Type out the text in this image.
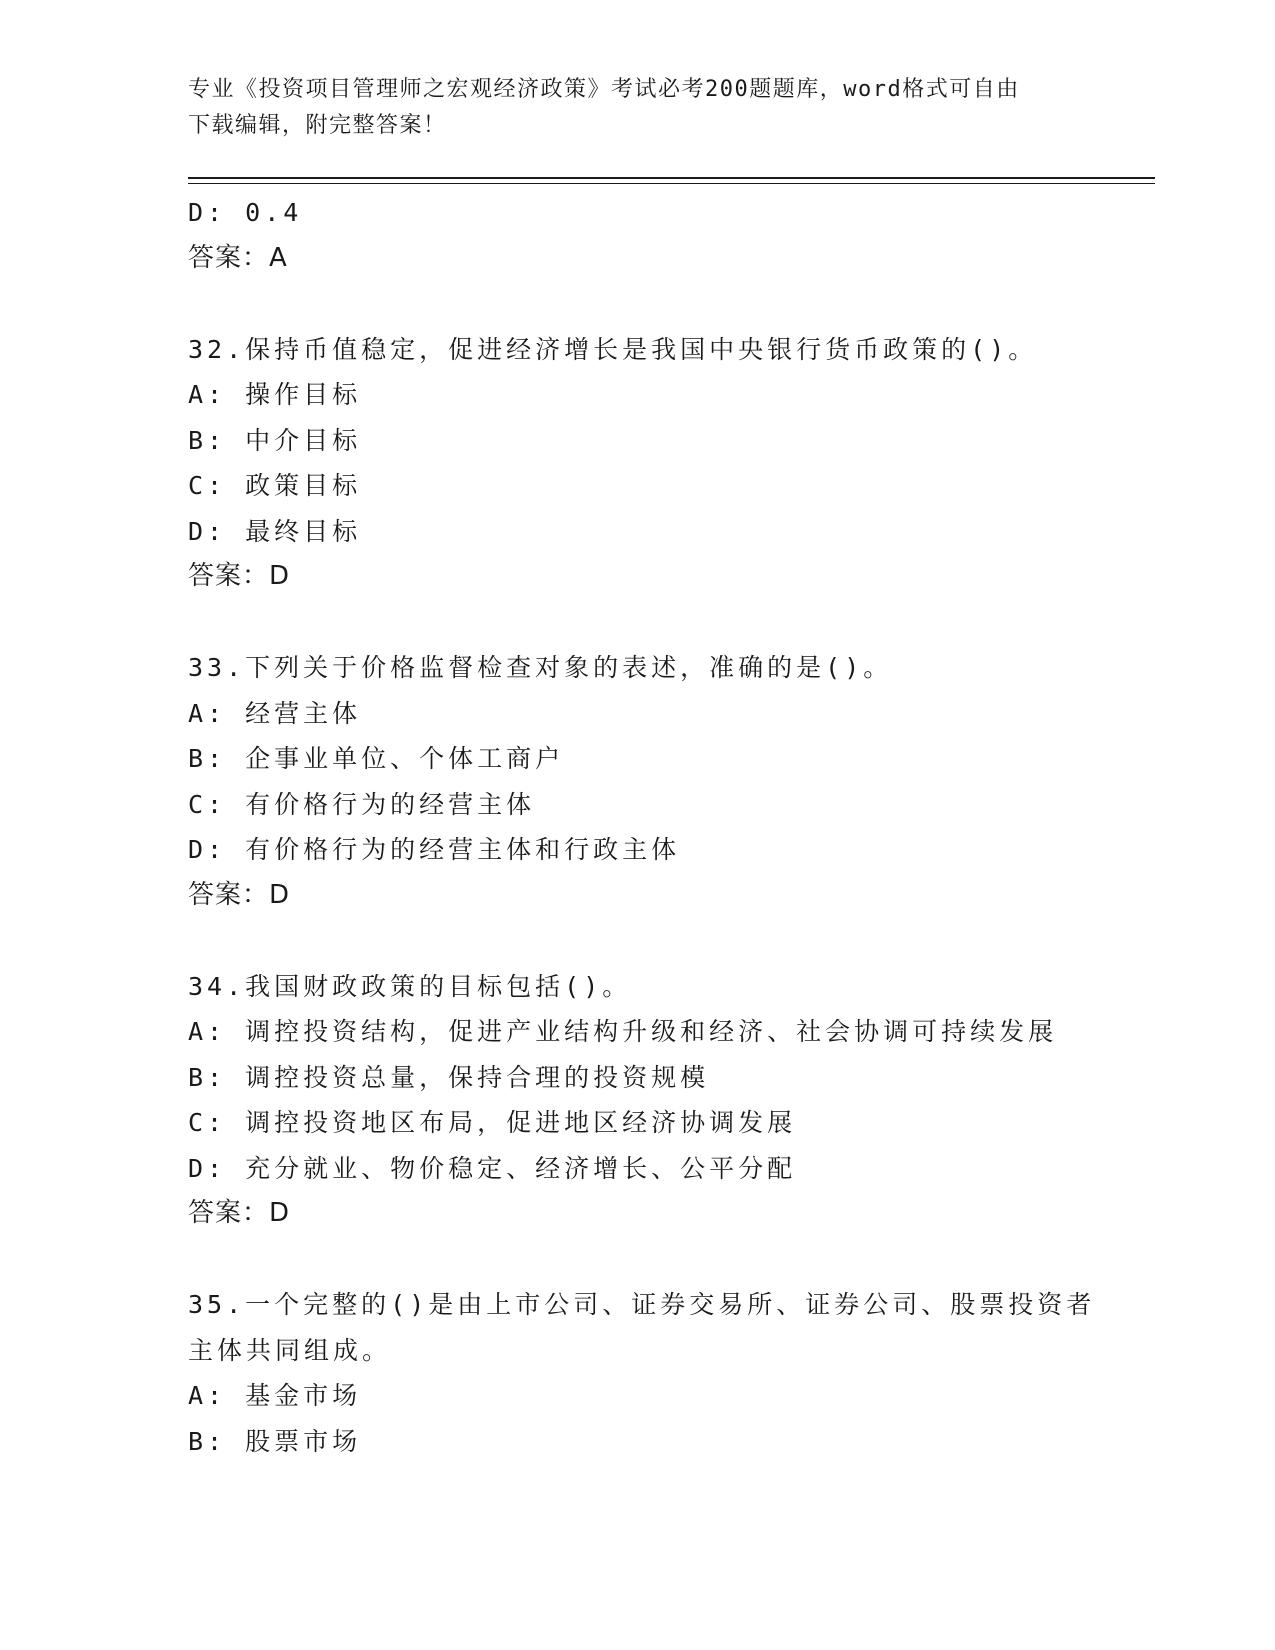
专业《投资项目管理师之宏观经济政策》考试必考200题题库，word格式可自由
下载编辑，附完整答案！
D: 0.4
答案：A
32.保持币值稳定，促进经济增长是我国中央银行货币政策的()。
A: 操作目标
B: 中介目标
C: 政策目标
D: 最终目标
答案：D
33.下列关于价格监督检查对象的表述，准确的是()。
A: 经营主体
B: 企事业单位、个体工商户
C: 有价格行为的经营主体
D: 有价格行为的经营主体和行政主体
答案：D
34.我国财政政策的目标包括()。
A: 调控投资结构，促进产业结构升级和经济、社会协调可持续发展
B: 调控投资总量，保持合理的投资规模
C: 调控投资地区布局，促进地区经济协调发展
D: 充分就业、物价稳定、经济增长、公平分配
答案：D
35.一个完整的()是由上市公司、证券交易所、证券公司、股票投资者
主体共同组成。
A: 基金市场
B: 股票市场
